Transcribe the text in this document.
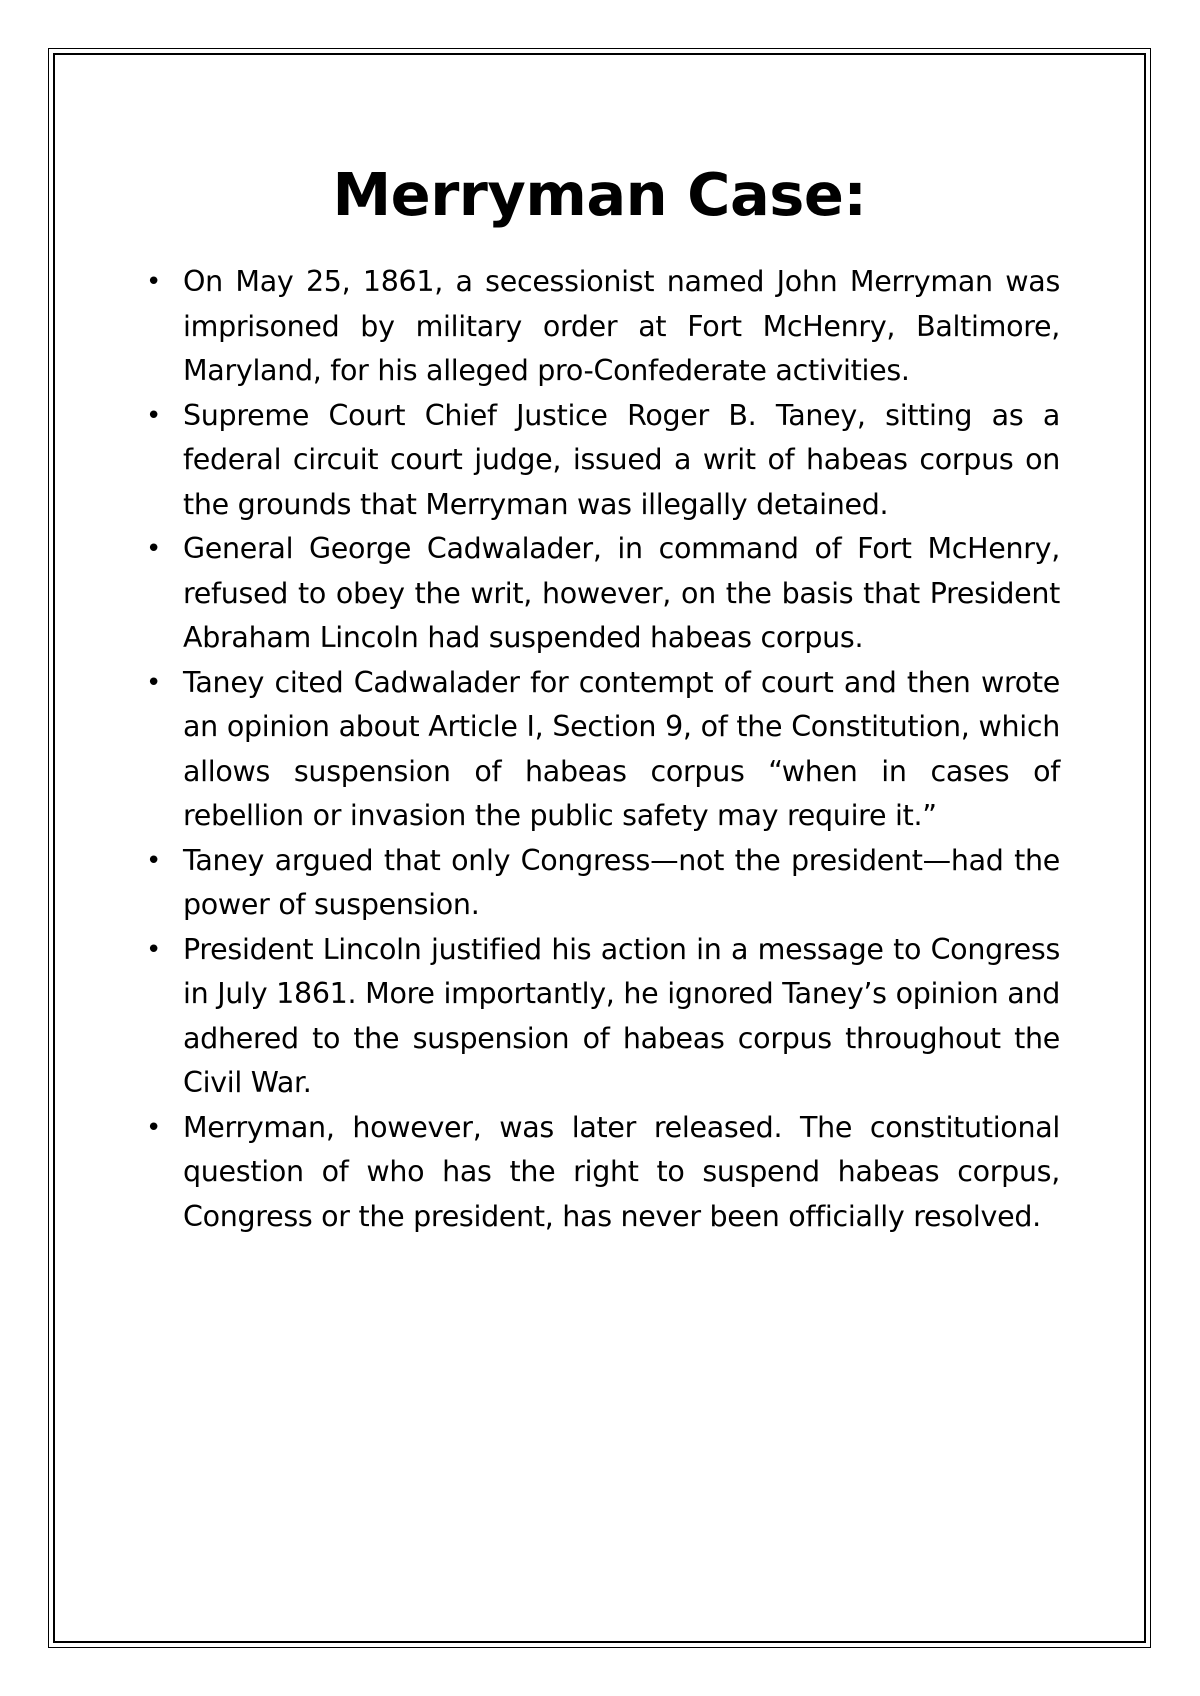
Merryman Case:
• On May 25, 1861, a secessionist named John Merryman was imprisoned by military order at Fort McHenry, Baltimore, Maryland, for his alleged pro-Confederate activities.
• Supreme Court Chief Justice Roger B. Taney, sitting as a federal circuit court judge, issued a writ of habeas corpus on the grounds that Merryman was illegally detained.
• General George Cadwalader, in command of Fort McHenry, refused to obey the writ, however, on the basis that President Abraham Lincoln had suspended habeas corpus.
• Taney cited Cadwalader for contempt of court and then wrote an opinion about Article I, Section 9, of the Constitution, which allows suspension of habeas corpus “when in cases of rebellion or invasion the public safety may require it.”
• Taney argued that only Congress—not the president—had the power of suspension.
• President Lincoln justified his action in a message to Congress in July 1861. More importantly, he ignored Taney’s opinion and adhered to the suspension of habeas corpus throughout the Civil War.
• Merryman, however, was later released. The constitutional question of who has the right to suspend habeas corpus, Congress or the president, has never been officially resolved.
